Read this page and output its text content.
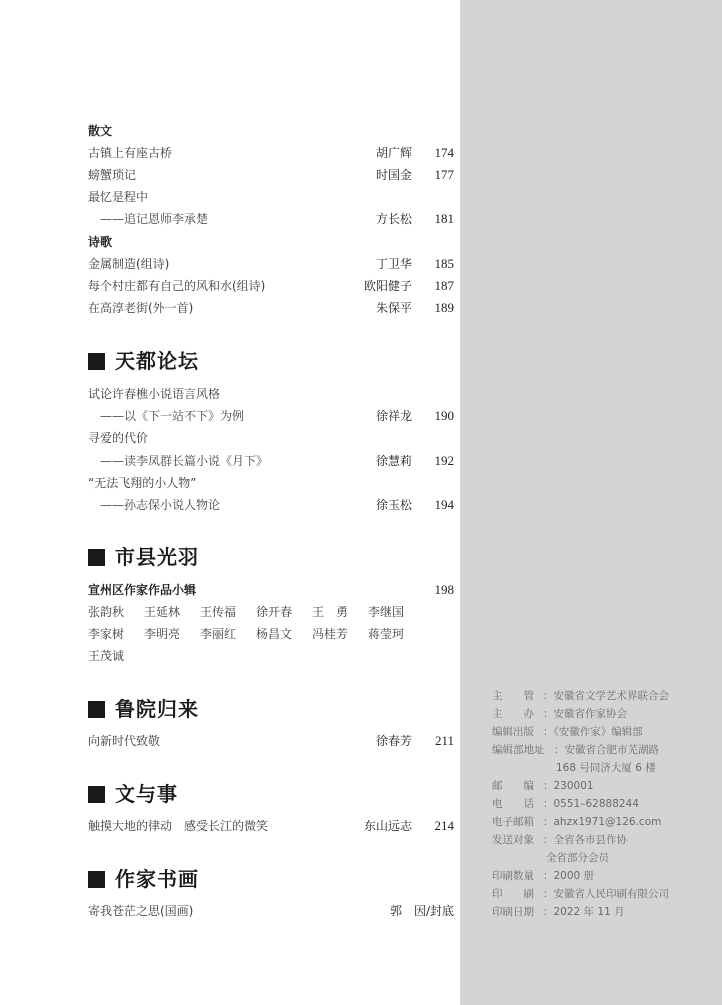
散文
古镇上有座古桥	胡广辉	174
螃蟹琐记	时国金	177
最忆是程中
——追记恩师李承楚	方长松	181
诗歌
金属制造(组诗)	丁卫华	185
每个村庄都有自己的风和水(组诗)	欧阳健子	187
在高淳老街(外一首)	朱保平	189
天都论坛
试论许春樵小说语言风格
——以《下一站不下》为例	徐祥龙	190
寻爱的代价
——读李凤群长篇小说《月下》	徐慧莉	192
“无法飞翔的小人物”
——孙志保小说人物论	徐玉松	194
市县光羽
宣州区作家作品小辑	198
张韵秋 王延林 王传福 徐开春 王　勇 李继国
李家树 李明亮 李丽红 杨昌文 冯桂芳 蒋莹珂
王茂诚
鲁院归来
向新时代致敬	徐春芳	211
文与事
触摸大地的律动　感受长江的微笑	东山远志	214
作家书画
寄我苍茫之思(国画)	郭　因/封底
主　　管 ：安徽省文学艺术界联合会
主　　办 ：安徽省作家协会
编辑出版 ：《安徽作家》编辑部
编辑部地址 ：安徽省合肥市芜湖路
168 号同济大厦 6 楼
邮　　编 ：230001
电　　话 ：0551–62888244
电子邮箱 ：ahzx1971@126.com
发送对象 ：全省各市县作协
全省部分会员
印刷数量 ：2000 册
印　　刷 ：安徽省人民印刷有限公司
印刷日期 ：2022 年 11 月
